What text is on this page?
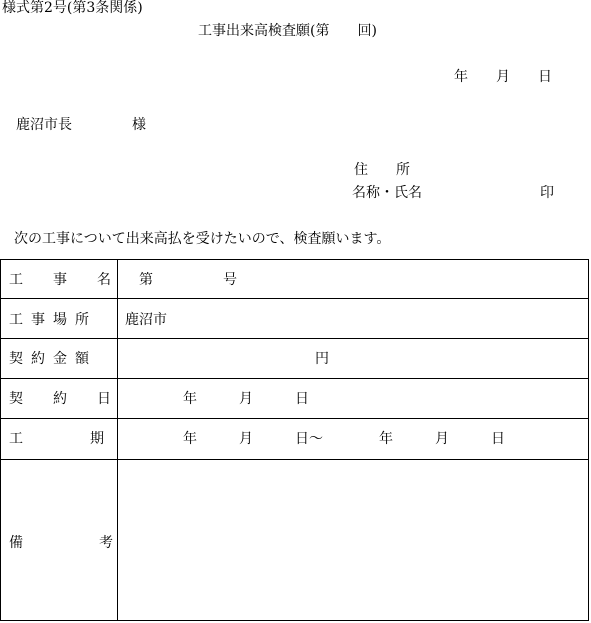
様式第2号(第3条関係)
工事出来高検査願(第　　回)
年　　月　　日
鹿沼市長	様
住　　所
名称・氏名	印
次の工事について出来高払を受けたいので、検査願います。
工　事　名 第　　　　　号
工事場所 鹿沼市
契約金額	円
契　約　日	年　　　月　　　日
工　　期	年　　　月　　　日〜　　　　年　　　月　　　日
備　　考
